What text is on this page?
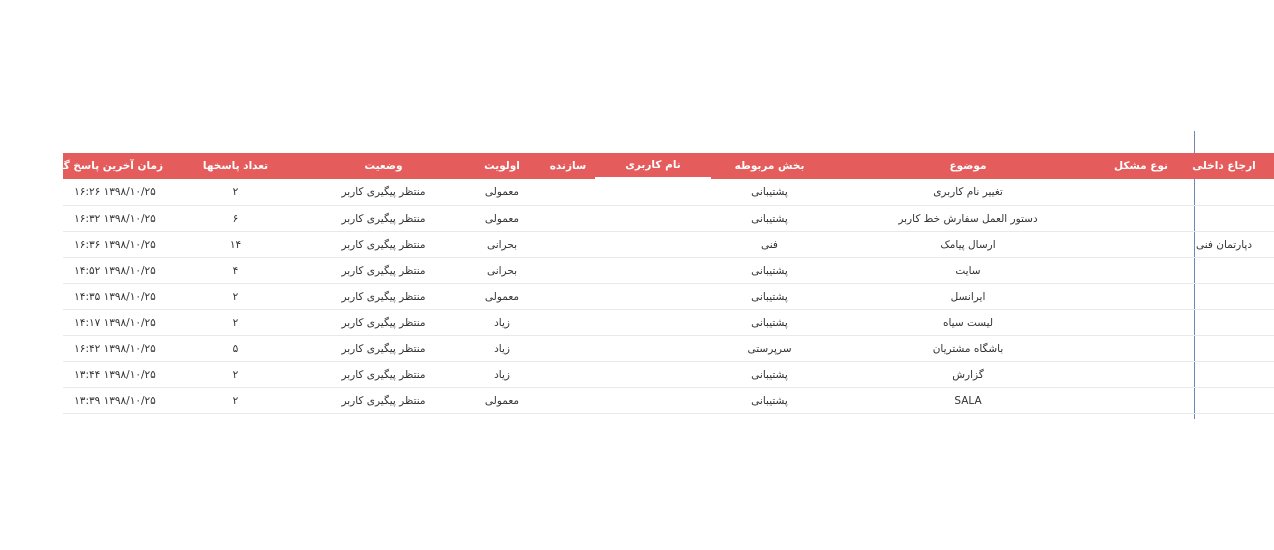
ارجاع داخلی	نوع مشکل	موضوع	بخش مربوطه	نام کاربری	سازنده	اولویت	وضعیت	تعداد پاسخها	زمان آخرین پاسخ گویی
		تغییر نام کاربری	پشتیبانی			معمولی	منتظر پیگیری کاربر	۲	۱۳۹۸/۱۰/۲۵ ۱۶:۲۶
		دستور العمل سفارش خط کاربر	پشتیبانی			معمولی	منتظر پیگیری کاربر	۶	۱۳۹۸/۱۰/۲۵ ۱۶:۳۲
دپارتمان فنی		ارسال پیامک	فنی			بحرانی	منتظر پیگیری کاربر	۱۴	۱۳۹۸/۱۰/۲۵ ۱۶:۳۶
		سایت	پشتیبانی			بحرانی	منتظر پیگیری کاربر	۴	۱۳۹۸/۱۰/۲۵ ۱۴:۵۲
		ایرانسل	پشتیبانی			معمولی	منتظر پیگیری کاربر	۲	۱۳۹۸/۱۰/۲۵ ۱۴:۳۵
		لیست سیاه	پشتیبانی			زیاد	منتظر پیگیری کاربر	۲	۱۳۹۸/۱۰/۲۵ ۱۴:۱۷
		باشگاه مشتریان	سرپرستی			زیاد	منتظر پیگیری کاربر	۵	۱۳۹۸/۱۰/۲۵ ۱۶:۴۲
		گزارش	پشتیبانی			زیاد	منتظر پیگیری کاربر	۲	۱۳۹۸/۱۰/۲۵ ۱۳:۴۴
		SALA	پشتیبانی			معمولی	منتظر پیگیری کاربر	۲	۱۳۹۸/۱۰/۲۵ ۱۳:۳۹
